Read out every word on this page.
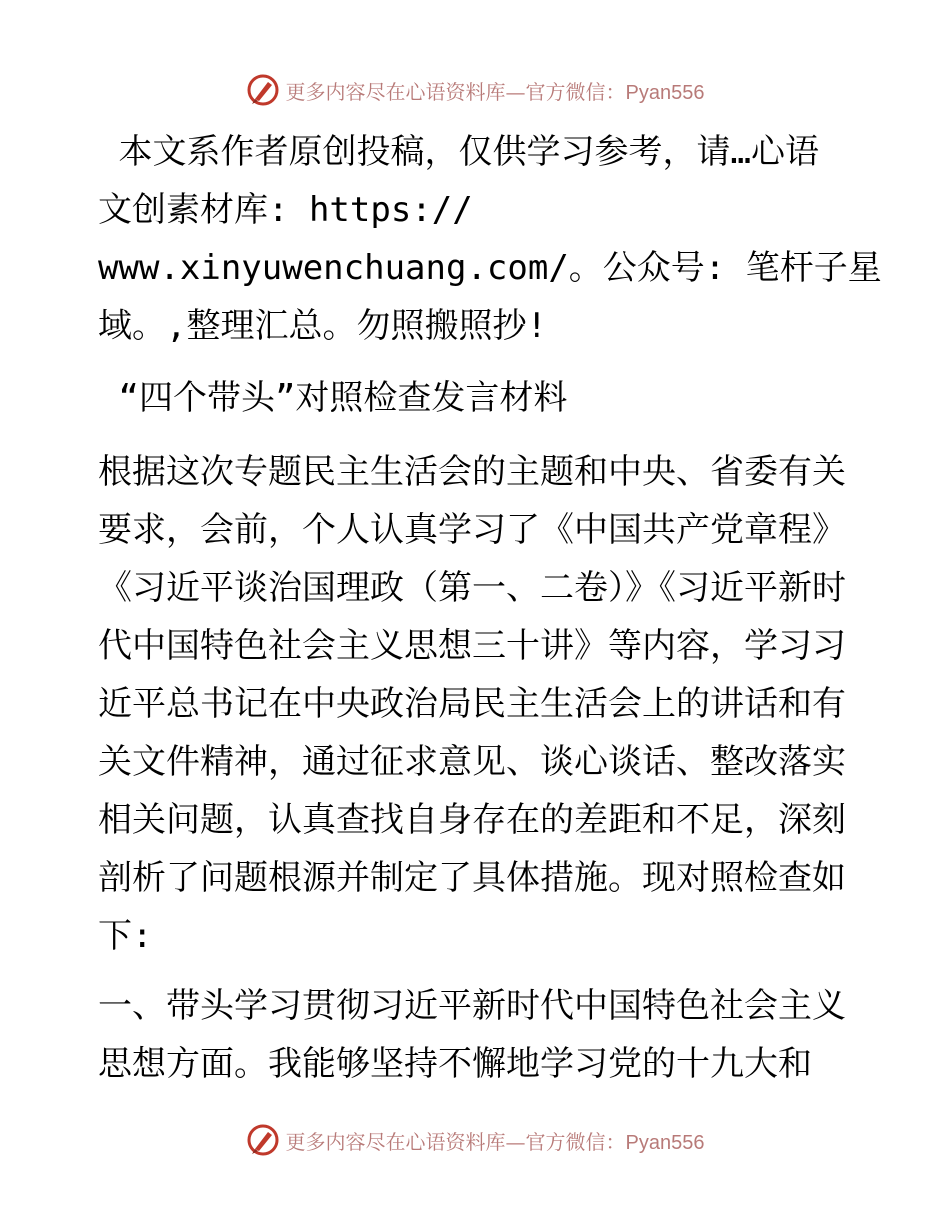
更多内容尽在心语资料库—官方微信：Pyan556
本文系作者原创投稿，仅供学习参考，请…心语
文创素材库: https://
www.xinyuwenchuang.com/。公众号: 笔杆子星
域。,整理汇总。勿照搬照抄!

“四个带头”对照检查发言材料

根据这次专题民主生活会的主题和中央、省委有关要求，会前，个人认真学习了《中国共产党章程》《习近平谈治国理政（第一、二卷）》《习近平新时代中国特色社会主义思想三十讲》等内容，学习习近平总书记在中央政治局民主生活会上的讲话和有关文件精神，通过征求意见、谈心谈话、整改落实相关问题，认真查找自身存在的差距和不足，深刻剖析了问题根源并制定了具体措施。现对照检查如下:

一、带头学习贯彻习近平新时代中国特色社会主义思想方面。我能够坚持不懈地学习党的十九大和

更多内容尽在心语资料库—官方微信：Pyan556
